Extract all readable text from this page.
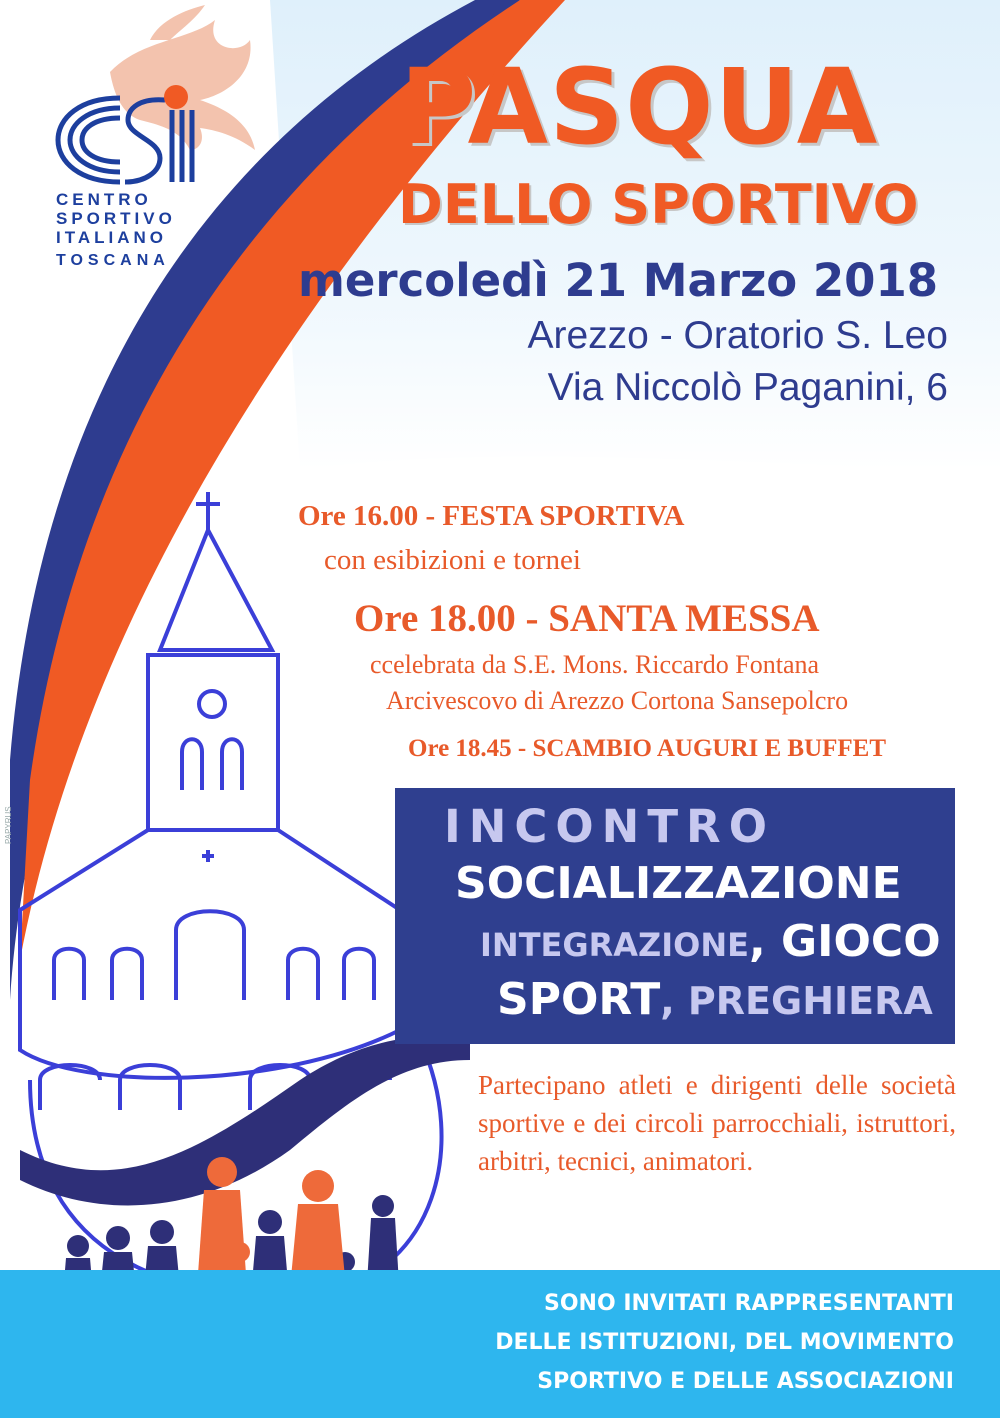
CENTRO
SPORTIVO
ITALIANO
TOSCANA
PASQUA
DELLO SPORTIVO
mercoledì 21 Marzo 2018
Arezzo - Oratorio S. Leo
Via Niccolò Paganini, 6
Ore 16.00 - FESTA SPORTIVA
con esibizioni e tornei
Ore 18.00 - SANTA MESSA
ccelebrata da S.E. Mons. Riccardo Fontana
Arcivescovo di Arezzo Cortona Sansepolcro
Ore 18.45 - SCAMBIO AUGURI E BUFFET
INCONTRO
SOCIALIZZAZIONE
INTEGRAZIONE, GIOCO
SPORT, PREGHIERA
Partecipano atleti e dirigenti delle società sportive e dei circoli parrocchiali, istruttori, arbitri, tecnici, animatori.
SONO INVITATI RAPPRESENTANTI
DELLE ISTITUZIONI, DEL MOVIMENTO
SPORTIVO E DELLE ASSOCIAZIONI
PAPYRUS
